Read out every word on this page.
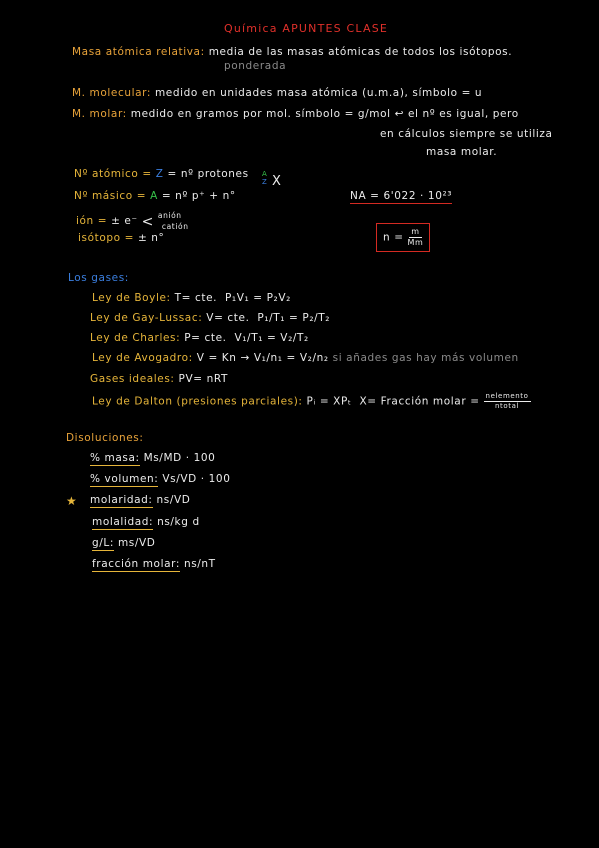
Química APUNTES CLASE
Masa atómica relativa: media de las masas atómicas de todos los isótopos.
ponderada
M. molecular: medido en unidades masa atómica (u.m.a), símbolo = u
M. molar: medido en gramos por mol. símbolo = g/mol ↩ el nº es igual, pero
en cálculos siempre se utiliza
masa molar.
Nº atómico = Z = nº protones
Nº másico = A = nº p⁺ + n°
ión = ± e⁻ < anión
catión
isótopo = ± n°
A
Z X
NA = 6'022 · 10²³
$n = \frac{m}{Mm}$
Los gases:
Ley de Boyle: T= cte. P₁V₁ = P₂V₂
Ley de Gay-Lussac: V= cte. P₁/T₁ = P₂/T₂
Ley de Charles: P= cte. V₁/T₁ = V₂/T₂
Ley de Avogadro: V = Kn → V₁/n₁ = V₂/n₂ si añades gas hay más volumen
Gases ideales: PV= nRT
Ley de Dalton (presiones parciales): Pᵢ = XPₜ X= Fracción molar = $\frac{\text{nelemento}}{\text{ntotal}}$
Disoluciones:
% masa: Ms/MD · 100
% volumen: Vs/VD · 100
★ molaridad: ns/VD
molalidad: ns/kg d
g/L: ms/VD
fracción molar: ns/nT
